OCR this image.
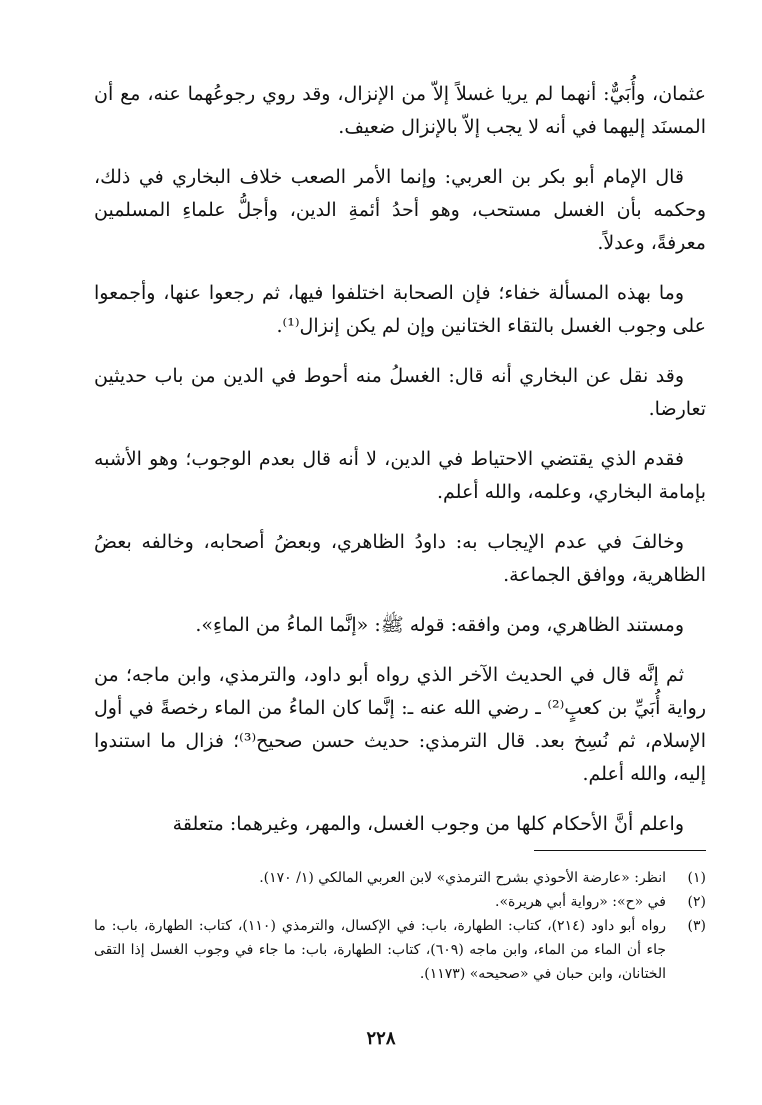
عثمان، وأُبَيٌّ: أنهما لم يريا غسلاً إلاّ من الإنزال، وقد روي رجوعُهما عنه، مع أن المسنَد إليهما في أنه لا يجب إلاّ بالإنزال ضعيف.

قال الإمام أبو بكر بن العربي: وإنما الأمر الصعب خلاف البخاري في ذلك، وحكمه بأن الغسل مستحب، وهو أحدُ أئمةِ الدين، وأجلُّ علماءِ المسلمين معرفةً، وعدلاً.

وما بهذه المسألة خفاء؛ فإن الصحابة اختلفوا فيها، ثم رجعوا عنها، وأجمعوا على وجوب الغسل بالتقاء الختانين وإن لم يكن إنزال⁽¹⁾.

وقد نقل عن البخاري أنه قال: الغسلُ منه أحوط في الدين من باب حديثين تعارضا.

فقدم الذي يقتضي الاحتياط في الدين، لا أنه قال بعدم الوجوب؛ وهو الأشبه بإمامة البخاري، وعلمه، والله أعلم.

وخالفَ في عدم الإيجاب به: داودُ الظاهري، وبعضُ أصحابه، وخالفه بعضُ الظاهرية، ووافق الجماعة.

ومستند الظاهري، ومن وافقه: قوله ﷺ: «إنَّما الماءُ من الماءِ».

ثم إنَّه قال في الحديث الآخر الذي رواه أبو داود، والترمذي، وابن ماجه؛ من رواية أُبَيِّ بن كعبٍ⁽²⁾ ـ رضي الله عنه ـ: إنَّما كان الماءُ من الماء رخصةً في أول الإسلام، ثم نُسِخ بعد. قال الترمذي: حديث حسن صحيح⁽³⁾؛ فزال ما استندوا إليه، والله أعلم.

واعلم أنَّ الأحكام كلها من وجوب الغسل، والمهر، وغيرهما: متعلقة

(١)
انظر: «عارضة الأحوذي بشرح الترمذي» لابن العربي المالكي (١/ ١٧٠).
(٢)
في «ح»: «رواية أبي هريرة».
(٣)
رواه أبو داود (٢١٤)، كتاب: الطهارة، باب: في الإكسال، والترمذي (١١٠)، كتاب: الطهارة، باب: ما جاء أن الماء من الماء، وابن ماجه (٦٠٩)، كتاب: الطهارة، باب: ما جاء في وجوب الغسل إذا التقى الختانان، وابن حبان في «صحيحه» (١١٧٣).
٢٢٨
